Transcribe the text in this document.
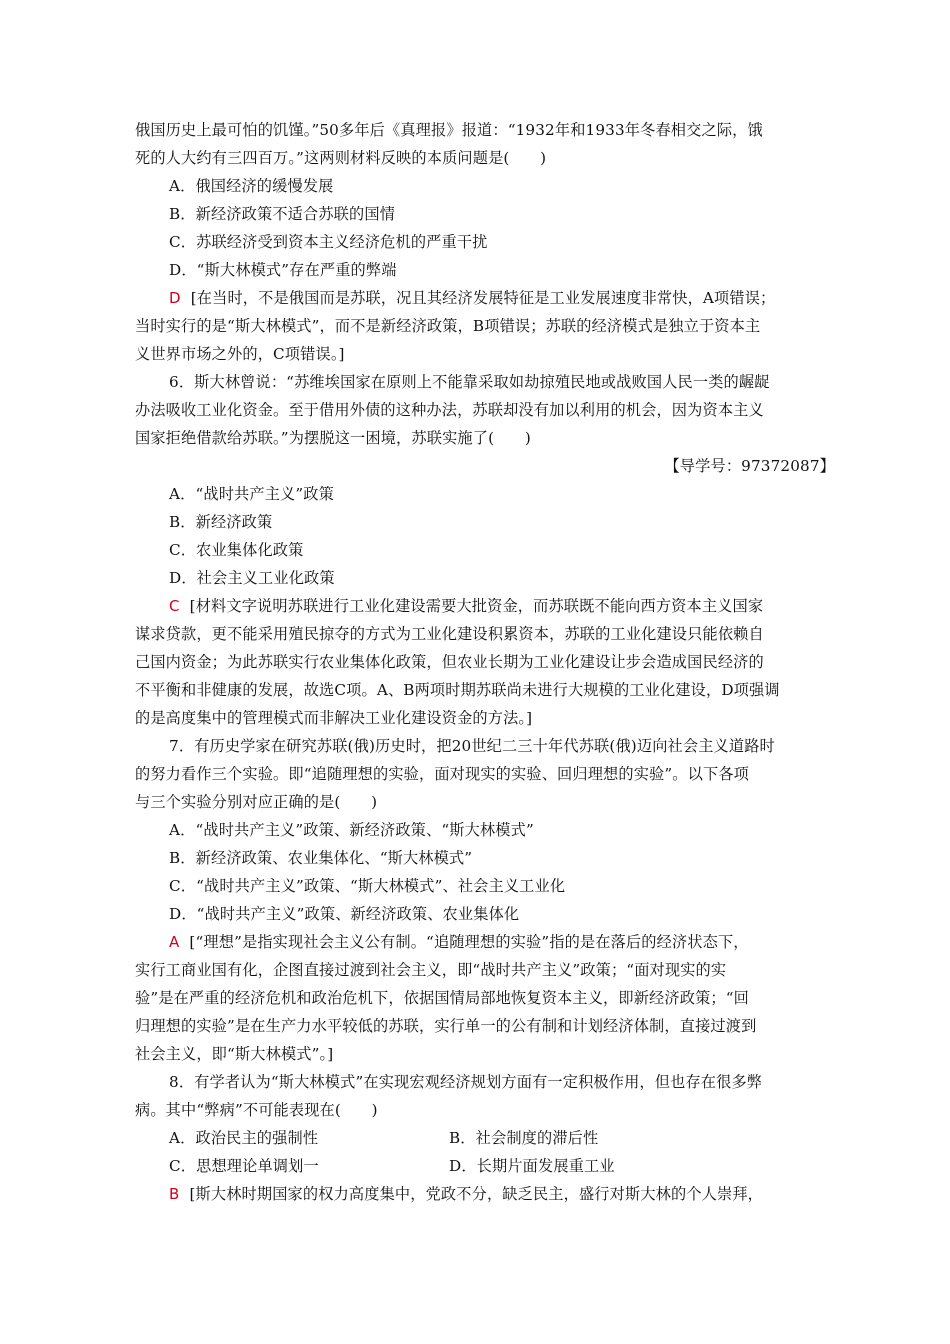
俄国历史上最可怕的饥馑。”50多年后《真理报》报道：“1932年和1933年冬春相交之际，饿
死的人大约有三四百万。”这两则材料反映的本质问题是(　　)
A．俄国经济的缓慢发展
B．新经济政策不适合苏联的国情
C．苏联经济受到资本主义经济危机的严重干扰
D．“斯大林模式”存在严重的弊端
D [在当时，不是俄国而是苏联，况且其经济发展特征是工业发展速度非常快，A项错误；
当时实行的是“斯大林模式”，而不是新经济政策，B项错误；苏联的经济模式是独立于资本主
义世界市场之外的，C项错误。]
6．斯大林曾说：“苏维埃国家在原则上不能靠采取如劫掠殖民地或战败国人民一类的龌龊
办法吸收工业化资金。至于借用外债的这种办法，苏联却没有加以利用的机会，因为资本主义
国家拒绝借款给苏联。”为摆脱这一困境，苏联实施了(　　)
【导学号：97372087】
A．“战时共产主义”政策
B．新经济政策
C．农业集体化政策
D．社会主义工业化政策
C [材料文字说明苏联进行工业化建设需要大批资金，而苏联既不能向西方资本主义国家
谋求贷款，更不能采用殖民掠夺的方式为工业化建设积累资本，苏联的工业化建设只能依赖自
己国内资金；为此苏联实行农业集体化政策，但农业长期为工业化建设让步会造成国民经济的
不平衡和非健康的发展，故选C项。A、B两项时期苏联尚未进行大规模的工业化建设，D项强调
的是高度集中的管理模式而非解决工业化建设资金的方法。]
7．有历史学家在研究苏联(俄)历史时，把20世纪二三十年代苏联(俄)迈向社会主义道路时
的努力看作三个实验。即“追随理想的实验，面对现实的实验、回归理想的实验”。以下各项
与三个实验分别对应正确的是(　　)
A．“战时共产主义”政策、新经济政策、“斯大林模式”
B．新经济政策、农业集体化、“斯大林模式”
C．“战时共产主义”政策、“斯大林模式”、社会主义工业化
D．“战时共产主义”政策、新经济政策、农业集体化
A [“理想”是指实现社会主义公有制。“追随理想的实验”指的是在落后的经济状态下，
实行工商业国有化，企图直接过渡到社会主义，即“战时共产主义”政策；“面对现实的实
验”是在严重的经济危机和政治危机下，依据国情局部地恢复资本主义，即新经济政策；“回
归理想的实验”是在生产力水平较低的苏联，实行单一的公有制和计划经济体制，直接过渡到
社会主义，即“斯大林模式”。]
8．有学者认为“斯大林模式”在实现宏观经济规划方面有一定积极作用，但也存在很多弊
病。其中“弊病”不可能表现在(　　)
A．政治民主的强制性	B．社会制度的滞后性
C．思想理论单调划一	D．长期片面发展重工业
B [斯大林时期国家的权力高度集中，党政不分，缺乏民主，盛行对斯大林的个人崇拜，
